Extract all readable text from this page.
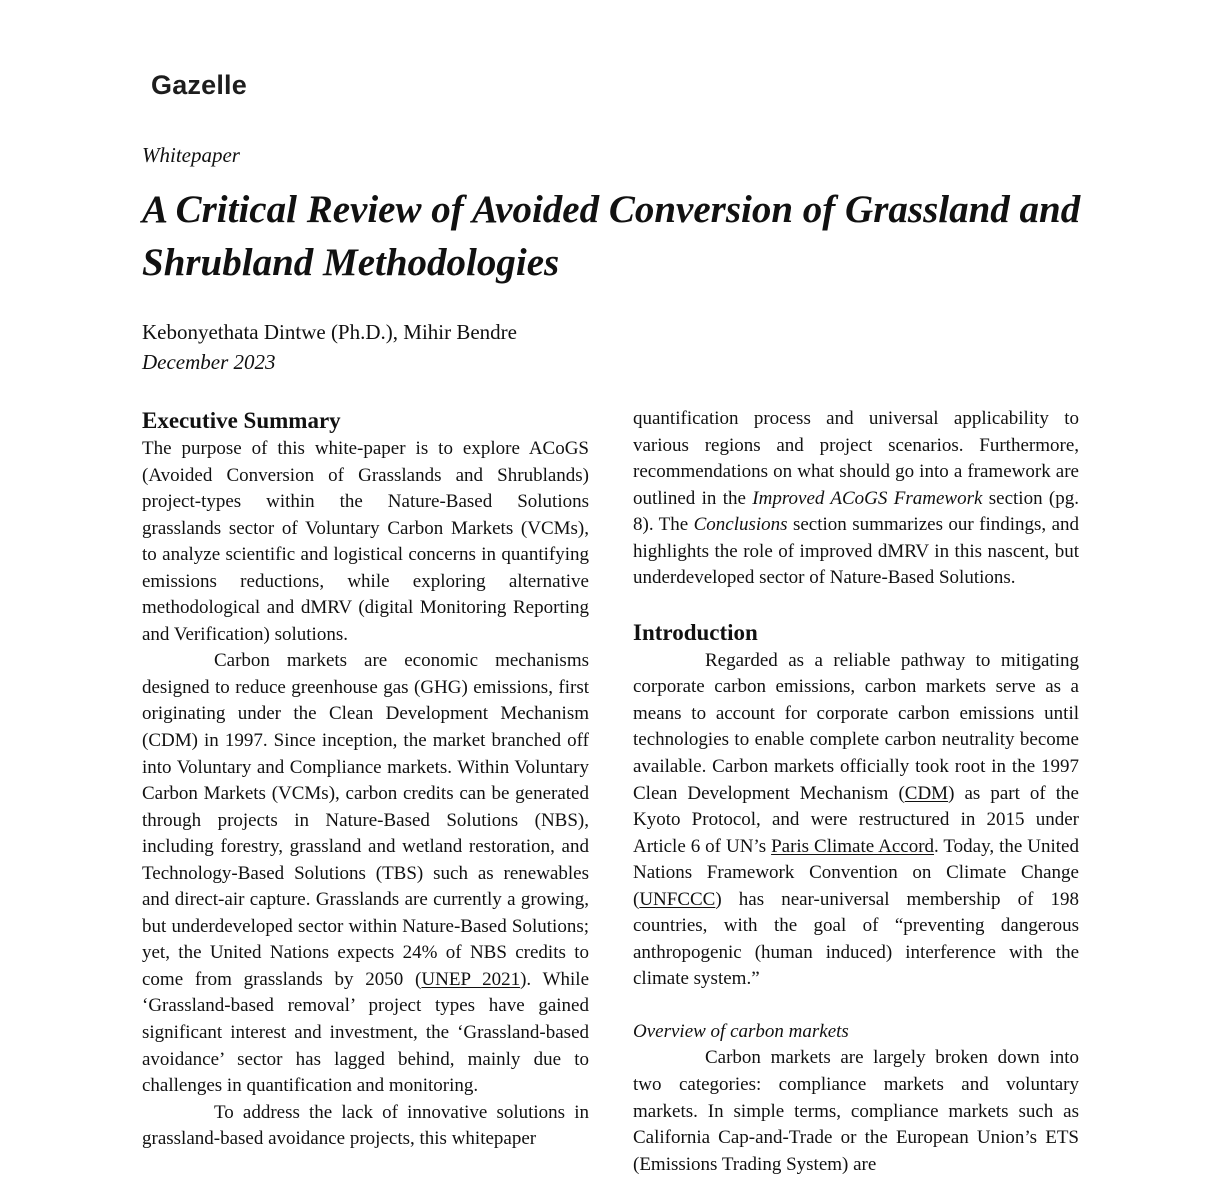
Gazelle
Whitepaper
A Critical Review of Avoided Conversion of Grassland and Shrubland Methodologies
Kebonyethata Dintwe (Ph.D.), Mihir Bendre
December 2023
Executive Summary

The purpose of this white-paper is to explore ACoGS (Avoided Conversion of Grasslands and Shrublands) project-types within the Nature-Based Solutions grasslands sector of Voluntary Carbon Markets (VCMs), to analyze scientific and logistical concerns in quantifying emissions reductions, while exploring alternative methodological and dMRV (digital Monitoring Reporting and Verification) solutions.

Carbon markets are economic mechanisms designed to reduce greenhouse gas (GHG) emissions, first originating under the Clean Development Mechanism (CDM) in 1997. Since inception, the market branched off into Voluntary and Compliance markets. Within Voluntary Carbon Markets (VCMs), carbon credits can be generated through projects in Nature-Based Solutions (NBS), including forestry, grassland and wetland restoration, and Technology-Based Solutions (TBS) such as renewables and direct-air capture. Grasslands are currently a growing, but underdeveloped sector within Nature-Based Solutions; yet, the United Nations expects 24% of NBS credits to come from grasslands by 2050 (UNEP 2021). While ‘Grassland-based removal’ project types have gained significant interest and investment, the ‘Grassland-based avoidance’ sector has lagged behind, mainly due to challenges in quantification and monitoring.

To address the lack of innovative solutions in grassland-based avoidance projects, this whitepaper

quantification process and universal applicability to various regions and project scenarios. Furthermore, recommendations on what should go into a framework are outlined in the Improved ACoGS Framework section (pg. 8). The Conclusions section summarizes our findings, and highlights the role of improved dMRV in this nascent, but underdeveloped sector of Nature-Based Solutions.

Introduction

Regarded as a reliable pathway to mitigating corporate carbon emissions, carbon markets serve as a means to account for corporate carbon emissions until technologies to enable complete carbon neutrality become available. Carbon markets officially took root in the 1997 Clean Development Mechanism (CDM) as part of the Kyoto Protocol, and were restructured in 2015 under Article 6 of UN’s Paris Climate Accord. Today, the United Nations Framework Convention on Climate Change (UNFCCC) has near-universal membership of 198 countries, with the goal of “preventing dangerous anthropogenic (human induced) interference with the climate system.”

Overview of carbon markets

Carbon markets are largely broken down into two categories: compliance markets and voluntary markets. In simple terms, compliance markets such as California Cap-and-Trade or the European Union’s ETS (Emissions Trading System) are
